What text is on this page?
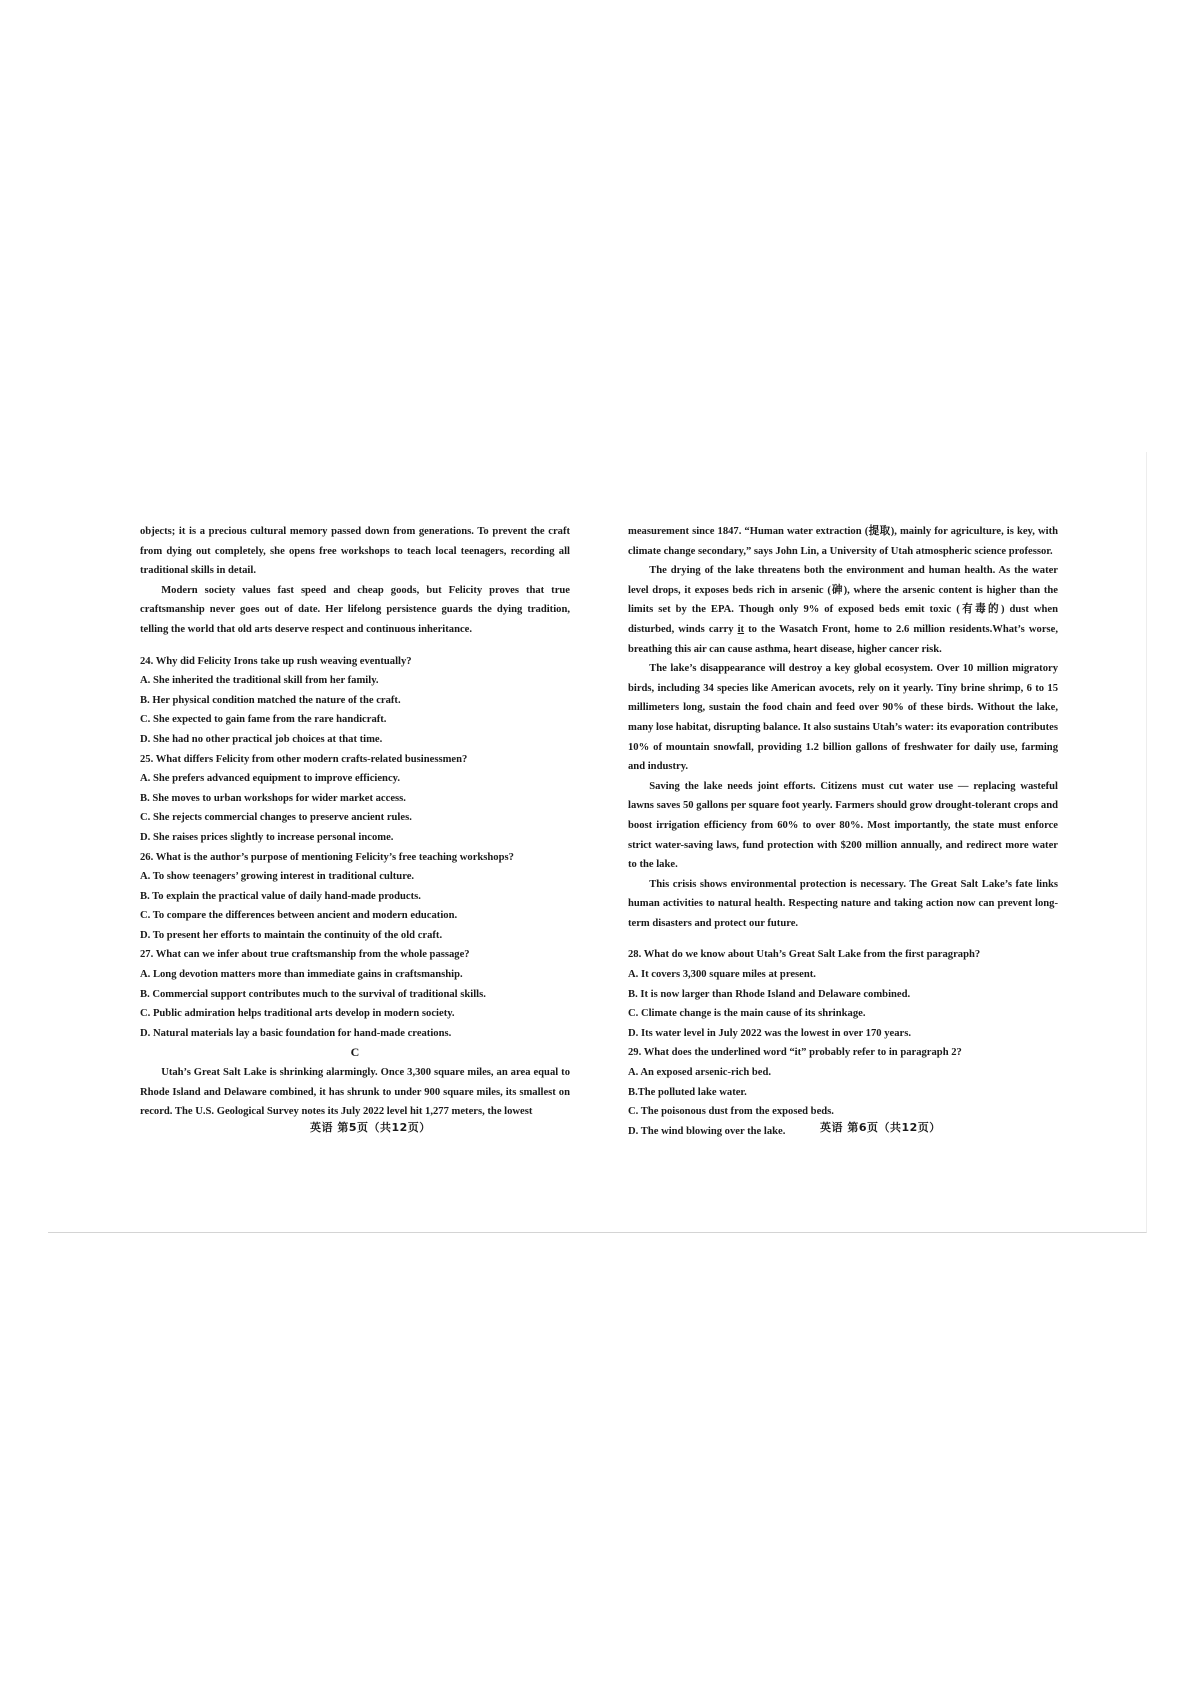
objects; it is a precious cultural memory passed down from generations. To prevent the craft from dying out completely, she opens free workshops to teach local teenagers, recording all traditional skills in detail.

Modern society values fast speed and cheap goods, but Felicity proves that true craftsmanship never goes out of date. Her lifelong persistence guards the dying tradition, telling the world that old arts deserve respect and continuous inheritance.

24. Why did Felicity Irons take up rush weaving eventually?

A. She inherited the traditional skill from her family.

B. Her physical condition matched the nature of the craft.

C. She expected to gain fame from the rare handicraft.

D. She had no other practical job choices at that time.

25. What differs Felicity from other modern crafts-related businessmen?

A. She prefers advanced equipment to improve efficiency.

B. She moves to urban workshops for wider market access.

C. She rejects commercial changes to preserve ancient rules.

D. She raises prices slightly to increase personal income.

26. What is the author’s purpose of mentioning Felicity’s free teaching workshops?

A. To show teenagers’ growing interest in traditional culture.

B. To explain the practical value of daily hand-made products.

C. To compare the differences between ancient and modern education.

D. To present her efforts to maintain the continuity of the old craft.

27. What can we infer about true craftsmanship from the whole passage?

A. Long devotion matters more than immediate gains in craftsmanship.

B. Commercial support contributes much to the survival of traditional skills.

C. Public admiration helps traditional arts develop in modern society.

D. Natural materials lay a basic foundation for hand-made creations.

C

Utah’s Great Salt Lake is shrinking alarmingly. Once 3,300 square miles, an area equal to Rhode Island and Delaware combined, it has shrunk to under 900 square miles, its smallest on record. The U.S. Geological Survey notes its July 2022 level hit 1,277 meters, the lowest

measurement since 1847. “Human water extraction (提取), mainly for agriculture, is key, with climate change secondary,” says John Lin, a University of Utah atmospheric science professor.

The drying of the lake threatens both the environment and human health. As the water level drops, it exposes beds rich in arsenic (砷), where the arsenic content is higher than the limits set by the EPA. Though only 9% of exposed beds emit toxic (有毒的) dust when disturbed, winds carry it to the Wasatch Front, home to 2.6 million residents.What’s worse, breathing this air can cause asthma, heart disease, higher cancer risk.

The lake’s disappearance will destroy a key global ecosystem. Over 10 million migratory birds, including 34 species like American avocets, rely on it yearly. Tiny brine shrimp, 6 to 15 millimeters long, sustain the food chain and feed over 90% of these birds. Without the lake, many lose habitat, disrupting balance. It also sustains Utah’s water: its evaporation contributes 10% of mountain snowfall, providing 1.2 billion gallons of freshwater for daily use, farming and industry.

Saving the lake needs joint efforts. Citizens must cut water use — replacing wasteful lawns saves 50 gallons per square foot yearly. Farmers should grow drought-tolerant crops and boost irrigation efficiency from 60% to over 80%. Most importantly, the state must enforce strict water-saving laws, fund protection with $200 million annually, and redirect more water to the lake.

This crisis shows environmental protection is necessary. The Great Salt Lake’s fate links human activities to natural health. Respecting nature and taking action now can prevent long-term disasters and protect our future.

28. What do we know about Utah’s Great Salt Lake from the first paragraph?

A. It covers 3,300 square miles at present.

B. It is now larger than Rhode Island and Delaware combined.

C. Climate change is the main cause of its shrinkage.

D. Its water level in July 2022 was the lowest in over 170 years.

29. What does the underlined word “it” probably refer to in paragraph 2?

A. An exposed arsenic-rich bed.

B.The polluted lake water.

C. The poisonous dust from the exposed beds.

D. The wind blowing over the lake.

英语 第5页（共12页）	英语 第6页（共12页）
